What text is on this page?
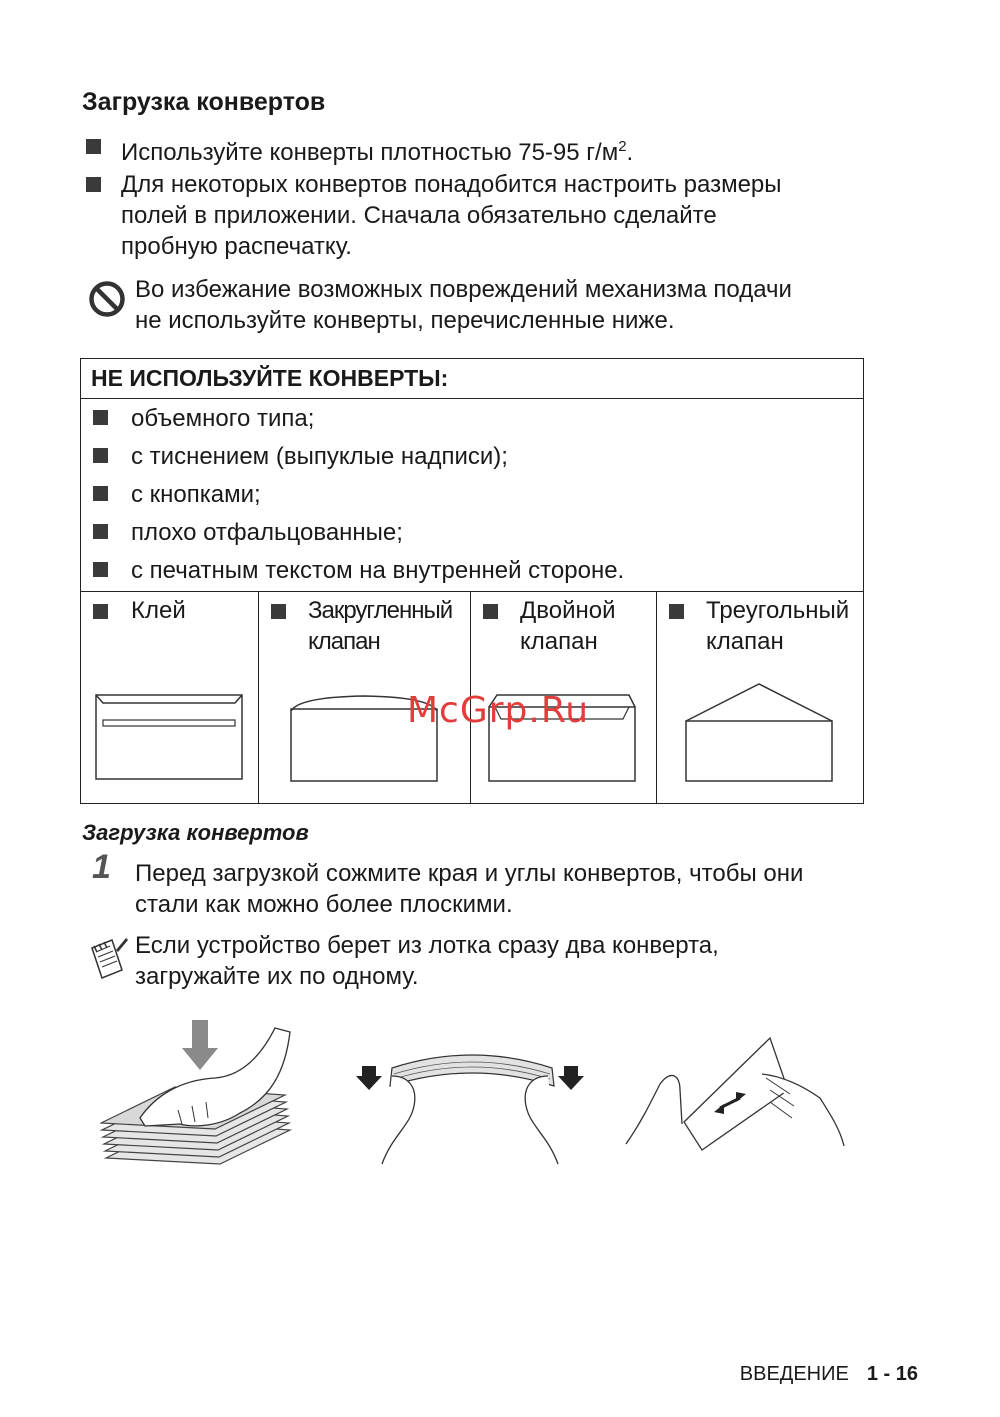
Загрузка конвертов
Используйте конверты плотностью 75-95 $г/м^2$.
Для некоторых конвертов понадобится настроить размеры
полей в приложении. Сначала обязательно сделайте
пробную распечатку.
Во избежание возможных повреждений механизма подачи
не используйте конверты, перечисленные ниже.
НЕ ИСПОЛЬЗУЙТЕ КОНВЕРТЫ:
объемного типа;
с тиснением (выпуклые надписи);
с кнопками;
плохо отфальцованные;
с печатным текстом на внутренней стороне.
Клей	Закругленный
клапан
Двойной
клапан
Треугольный
клапан
McGrp.Ru
Загрузка конвертов
1 Перед загрузкой сожмите края и углы конвертов, чтобы они
стали как можно более плоскими.
Если устройство берет из лотка сразу два конверта,
загружайте их по одному.
ВВЕДЕНИЕ 1 - 16
